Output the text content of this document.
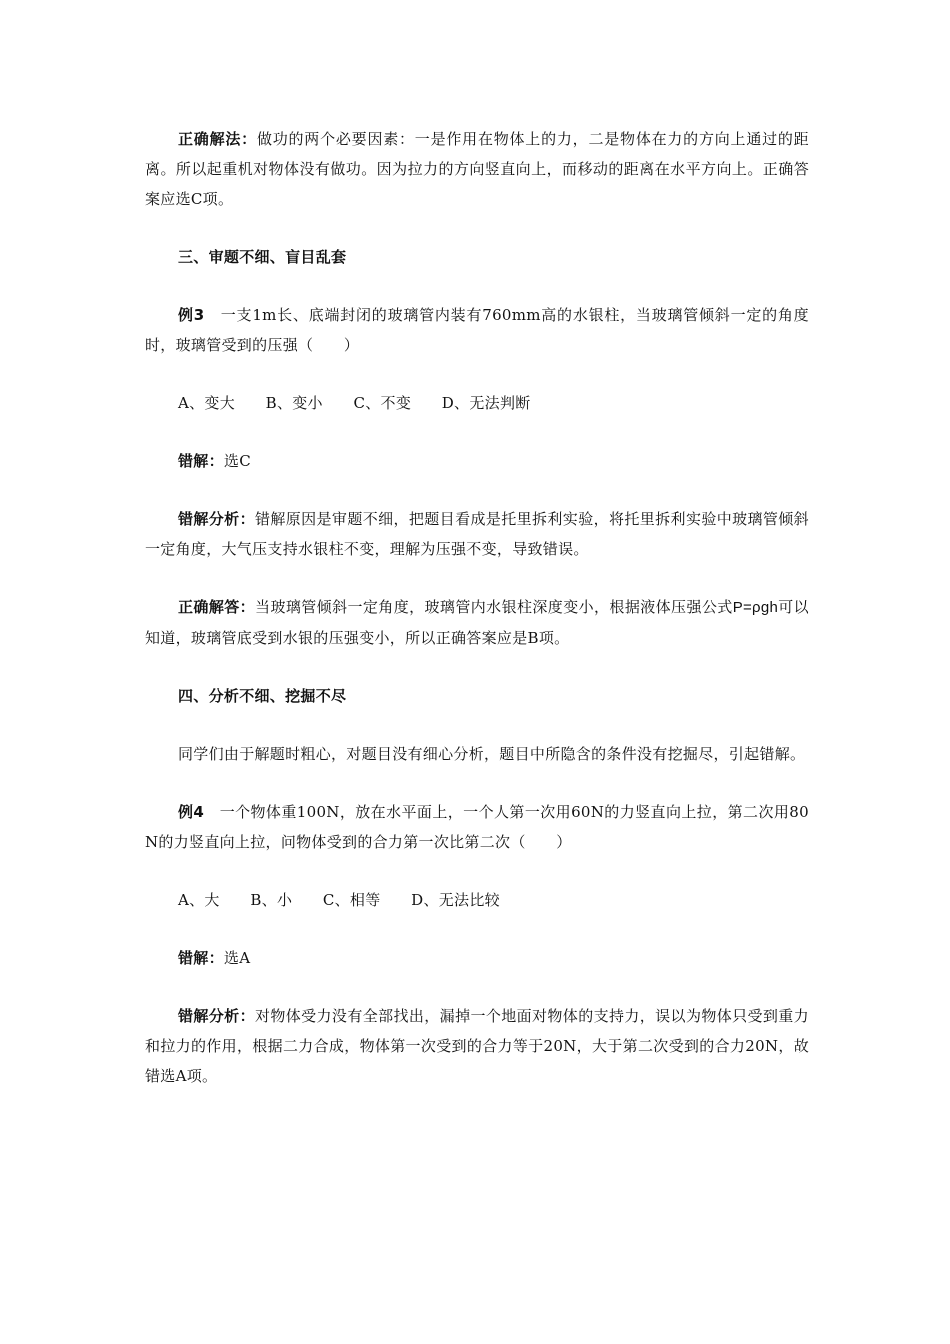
正确解法：做功的两个必要因素：一是作用在物体上的力，二是物体在力的方向上通过的距离。所以起重机对物体没有做功。因为拉力的方向竖直向上，而移动的距离在水平方向上。正确答案应选C项。

三、审题不细、盲目乱套

例3　一支1m长、底端封闭的玻璃管内装有760mm高的水银柱，当玻璃管倾斜一定的角度时，玻璃管受到的压强（　　）

A、变大　　B、变小　　C、不变　　D、无法判断

错解：选C

错解分析：错解原因是审题不细，把题目看成是托里拆利实验，将托里拆利实验中玻璃管倾斜一定角度，大气压支持水银柱不变，理解为压强不变，导致错误。

正确解答：当玻璃管倾斜一定角度，玻璃管内水银柱深度变小，根据液体压强公式P=ρgh可以知道，玻璃管底受到水银的压强变小，所以正确答案应是B项。

四、分析不细、挖掘不尽

同学们由于解题时粗心，对题目没有细心分析，题目中所隐含的条件没有挖掘尽，引起错解。

例4　一个物体重100N，放在水平面上，一个人第一次用60N的力竖直向上拉，第二次用80N的力竖直向上拉，问物体受到的合力第一次比第二次（　　）

A、大　　B、小　　C、相等　　D、无法比较

错解：选A

错解分析：对物体受力没有全部找出，漏掉一个地面对物体的支持力，误以为物体只受到重力和拉力的作用，根据二力合成，物体第一次受到的合力等于20N，大于第二次受到的合力20N，故错选A项。
